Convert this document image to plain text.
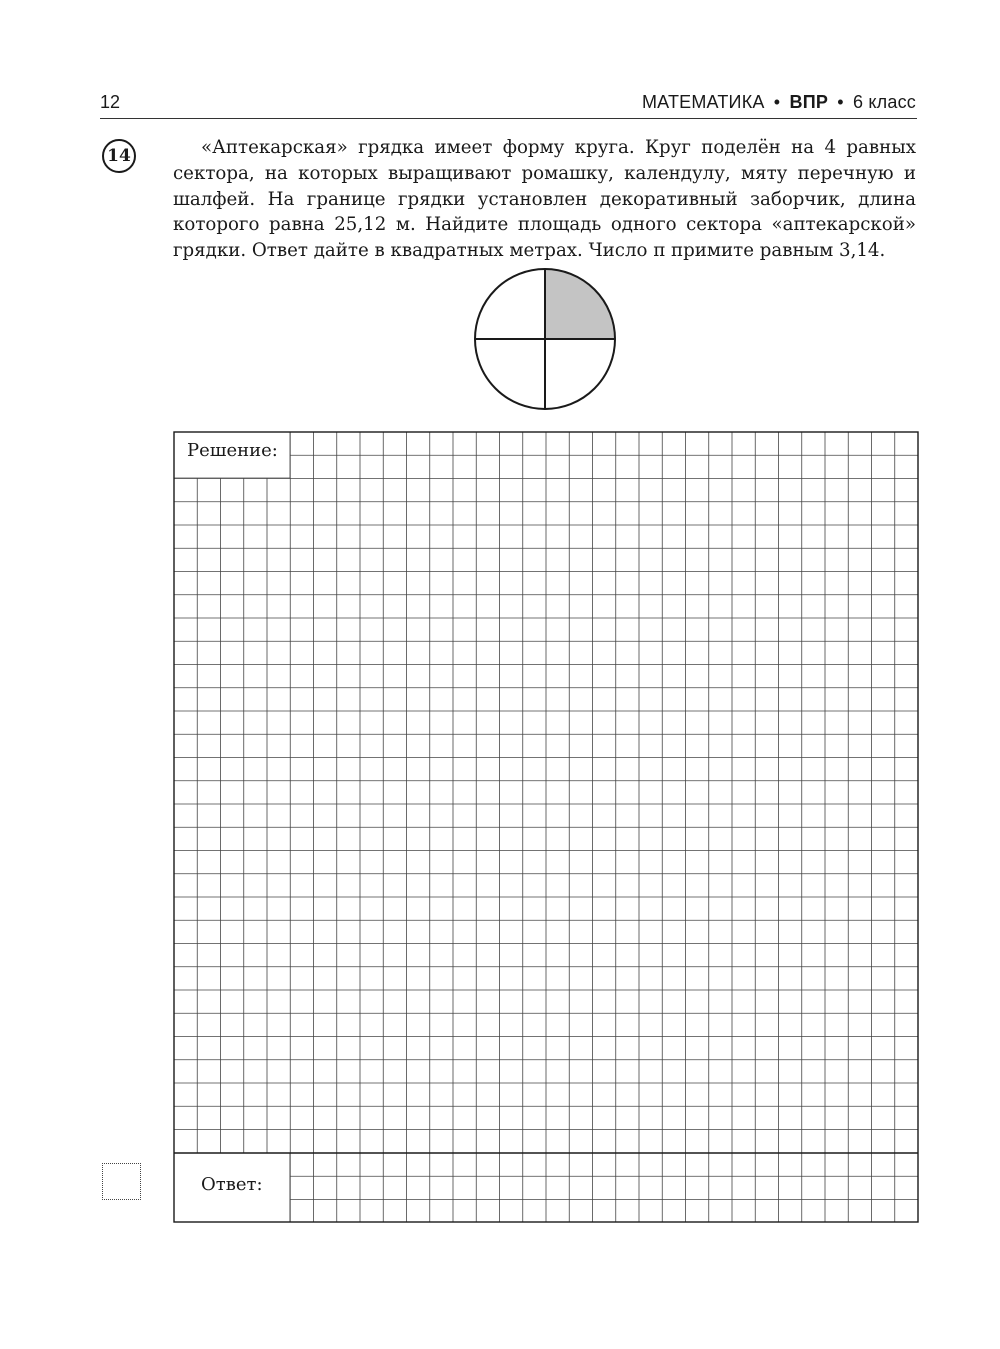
12	МАТЕМАТИКА • ВПР • 6 класс
14	«Аптекарская» грядка имеет форму круга. Круг поделён на 4 равных сектора, на которых выращивают ромашку, календулу, мяту перечную и шалфей. На границе грядки установлен декоративный заборчик, длина которого равна 25,12 м. Найдите площадь одного сектора «аптекарской» грядки. Ответ дайте в квадратных метрах. Число π примите равным 3,14.

Решение:
Ответ:
